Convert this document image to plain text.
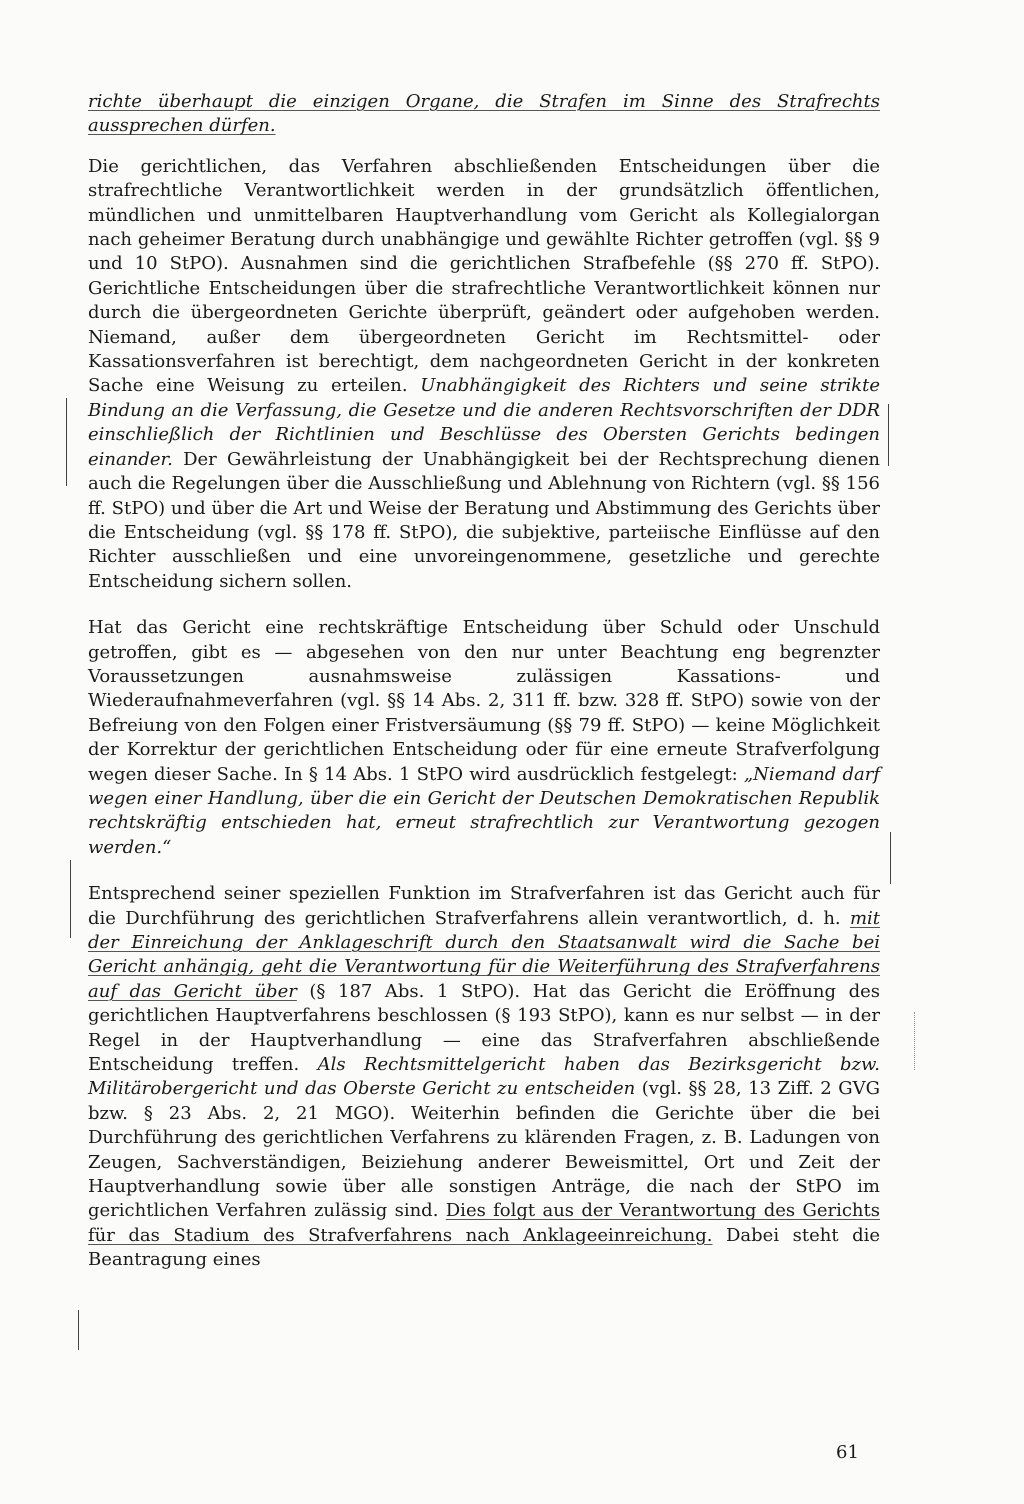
richte überhaupt die einzigen Organe, die Strafen im Sinne des Strafrechts aussprechen dürfen.

Die gerichtlichen, das Verfahren abschließenden Entscheidungen über die strafrechtliche Verantwortlichkeit werden in der grundsätzlich öffentlichen, mündlichen und unmittelbaren Hauptverhandlung vom Gericht als Kollegialorgan nach geheimer Beratung durch unabhängige und gewählte Richter getroffen (vgl. §§ 9 und 10 StPO). Ausnahmen sind die gerichtlichen Strafbefehle (§§ 270 ff. StPO). Gerichtliche Entscheidungen über die strafrechtliche Verantwortlichkeit können nur durch die übergeordneten Gerichte überprüft, geändert oder aufgehoben werden. Niemand, außer dem übergeordneten Gericht im Rechtsmittel- oder Kassationsverfahren ist berechtigt, dem nachgeordneten Gericht in der konkreten Sache eine Weisung zu erteilen. Unabhängigkeit des Richters und seine strikte Bindung an die Verfassung, die Gesetze und die anderen Rechtsvorschriften der DDR einschließlich der Richtlinien und Beschlüsse des Obersten Gerichts bedingen einander. Der Gewährleistung der Unabhängigkeit bei der Rechtsprechung dienen auch die Regelungen über die Ausschließung und Ablehnung von Richtern (vgl. §§ 156 ff. StPO) und über die Art und Weise der Beratung und Abstimmung des Gerichts über die Entscheidung (vgl. §§ 178 ff. StPO), die subjektive, parteiische Einflüsse auf den Richter ausschließen und eine unvoreingenommene, gesetzliche und gerechte Entscheidung sichern sollen.

Hat das Gericht eine rechtskräftige Entscheidung über Schuld oder Unschuld getroffen, gibt es — abgesehen von den nur unter Beachtung eng begrenzter Voraussetzungen ausnahmsweise zulässigen Kassations- und Wiederaufnahmeverfahren (vgl. §§ 14 Abs. 2, 311 ff. bzw. 328 ff. StPO) sowie von der Befreiung von den Folgen einer Fristversäumung (§§ 79 ff. StPO) — keine Möglichkeit der Korrektur der gerichtlichen Entscheidung oder für eine erneute Strafverfolgung wegen dieser Sache. In § 14 Abs. 1 StPO wird ausdrücklich festgelegt: „Niemand darf wegen einer Handlung, über die ein Gericht der Deutschen Demokratischen Republik rechtskräftig entschieden hat, erneut strafrechtlich zur Verantwortung gezogen werden.“

Entsprechend seiner speziellen Funktion im Strafverfahren ist das Gericht auch für die Durchführung des gerichtlichen Strafverfahrens allein verantwortlich, d. h. mit der Einreichung der Anklageschrift durch den Staatsanwalt wird die Sache bei Gericht anhängig, geht die Verantwortung für die Weiterführung des Strafverfahrens auf das Gericht über (§ 187 Abs. 1 StPO). Hat das Gericht die Eröffnung des gerichtlichen Hauptverfahrens beschlossen (§ 193 StPO), kann es nur selbst — in der Regel in der Hauptverhandlung — eine das Strafverfahren abschließende Entscheidung treffen. Als Rechtsmittelgericht haben das Bezirksgericht bzw. Militärobergericht und das Oberste Gericht zu entscheiden (vgl. §§ 28, 13 Ziff. 2 GVG bzw. § 23 Abs. 2, 21 MGO). Weiterhin befinden die Gerichte über die bei Durchführung des gerichtlichen Verfahrens zu klärenden Fragen, z. B. Ladungen von Zeugen, Sachverständigen, Beiziehung anderer Beweismittel, Ort und Zeit der Hauptverhandlung sowie über alle sonstigen Anträge, die nach der StPO im gerichtlichen Verfahren zulässig sind. Dies folgt aus der Verantwortung des Gerichts für das Stadium des Strafverfahrens nach Anklageeinreichung. Dabei steht die Beantragung eines

61
